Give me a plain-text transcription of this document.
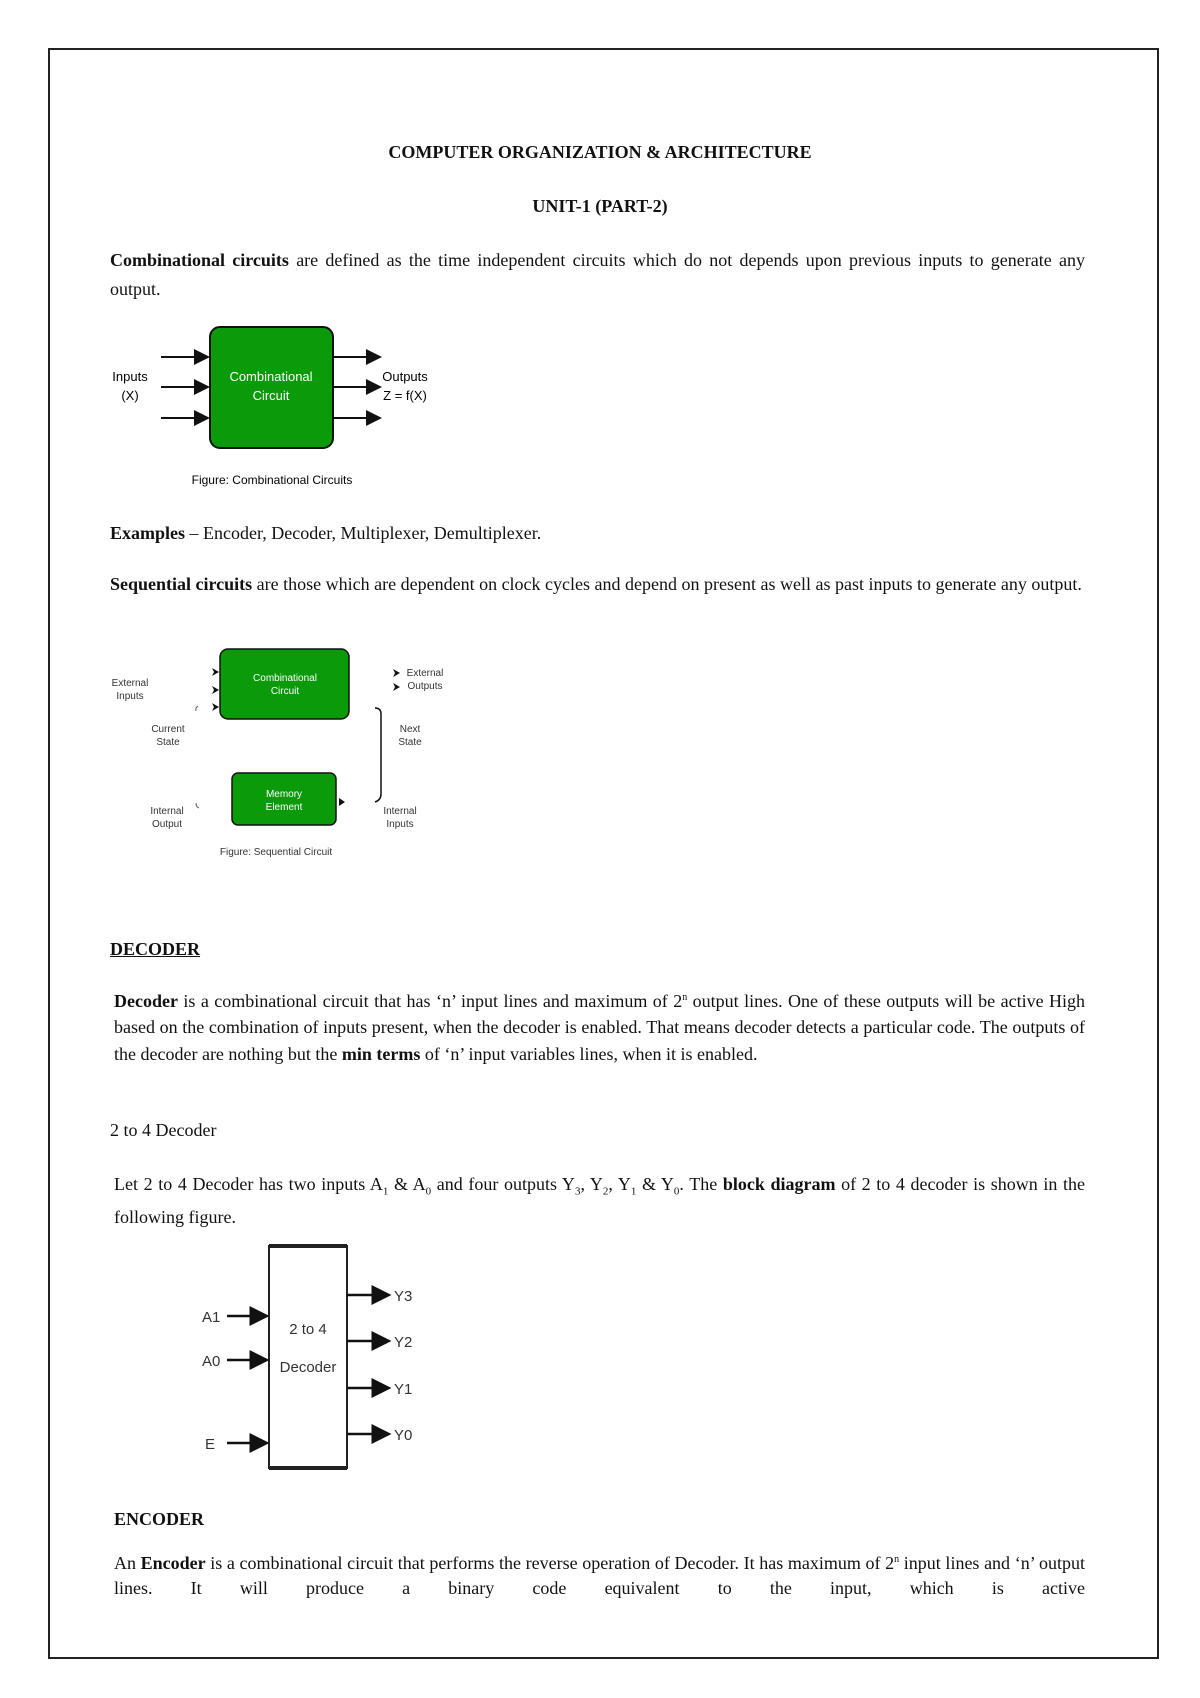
COMPUTER ORGANIZATION & ARCHITECTURE
UNIT-1 (PART-2)

Combinational circuits are defined as the time independent circuits which do not depends upon previous inputs to generate any output.

Inputs
(X)
Combinational
Circuit
Outputs
Z = f(X)
Figure: Combinational Circuits
Examples – Encoder, Decoder, Multiplexer, Demultiplexer.

Sequential circuits are those which are dependent on clock cycles and depend on present as well as past inputs to generate any output.

External
Inputs
Combinational
Circuit
External
Outputs
Current
State
Next
State
Memory
Element
Internal
Output
Internal
Inputs
Figure: Sequential Circuit
DECODER

Decoder is a combinational circuit that has ‘n’ input lines and maximum of 2$^n$ output lines. One of these outputs will be active High based on the combination of inputs present, when the decoder is enabled. That means decoder detects a particular code. The outputs of the decoder are nothing but the min terms of ‘n’ input variables lines, when it is enabled.

2 to 4 Decoder

Let 2 to 4 Decoder has two inputs $A_1$ & $A_0$ and four outputs $Y_3$, $Y_2$, $Y_1$ & $Y_0$. The block diagram of 2 to 4 decoder is shown in the following figure.

A1
A0
E
2 to 4
Decoder
Y3
Y2
Y1
Y0
ENCODER

An Encoder is a combinational circuit that performs the reverse operation of Decoder. It has maximum of 2$^n$ input lines and ‘n’ output lines. It will produce a binary code equivalent to the input, which is active
